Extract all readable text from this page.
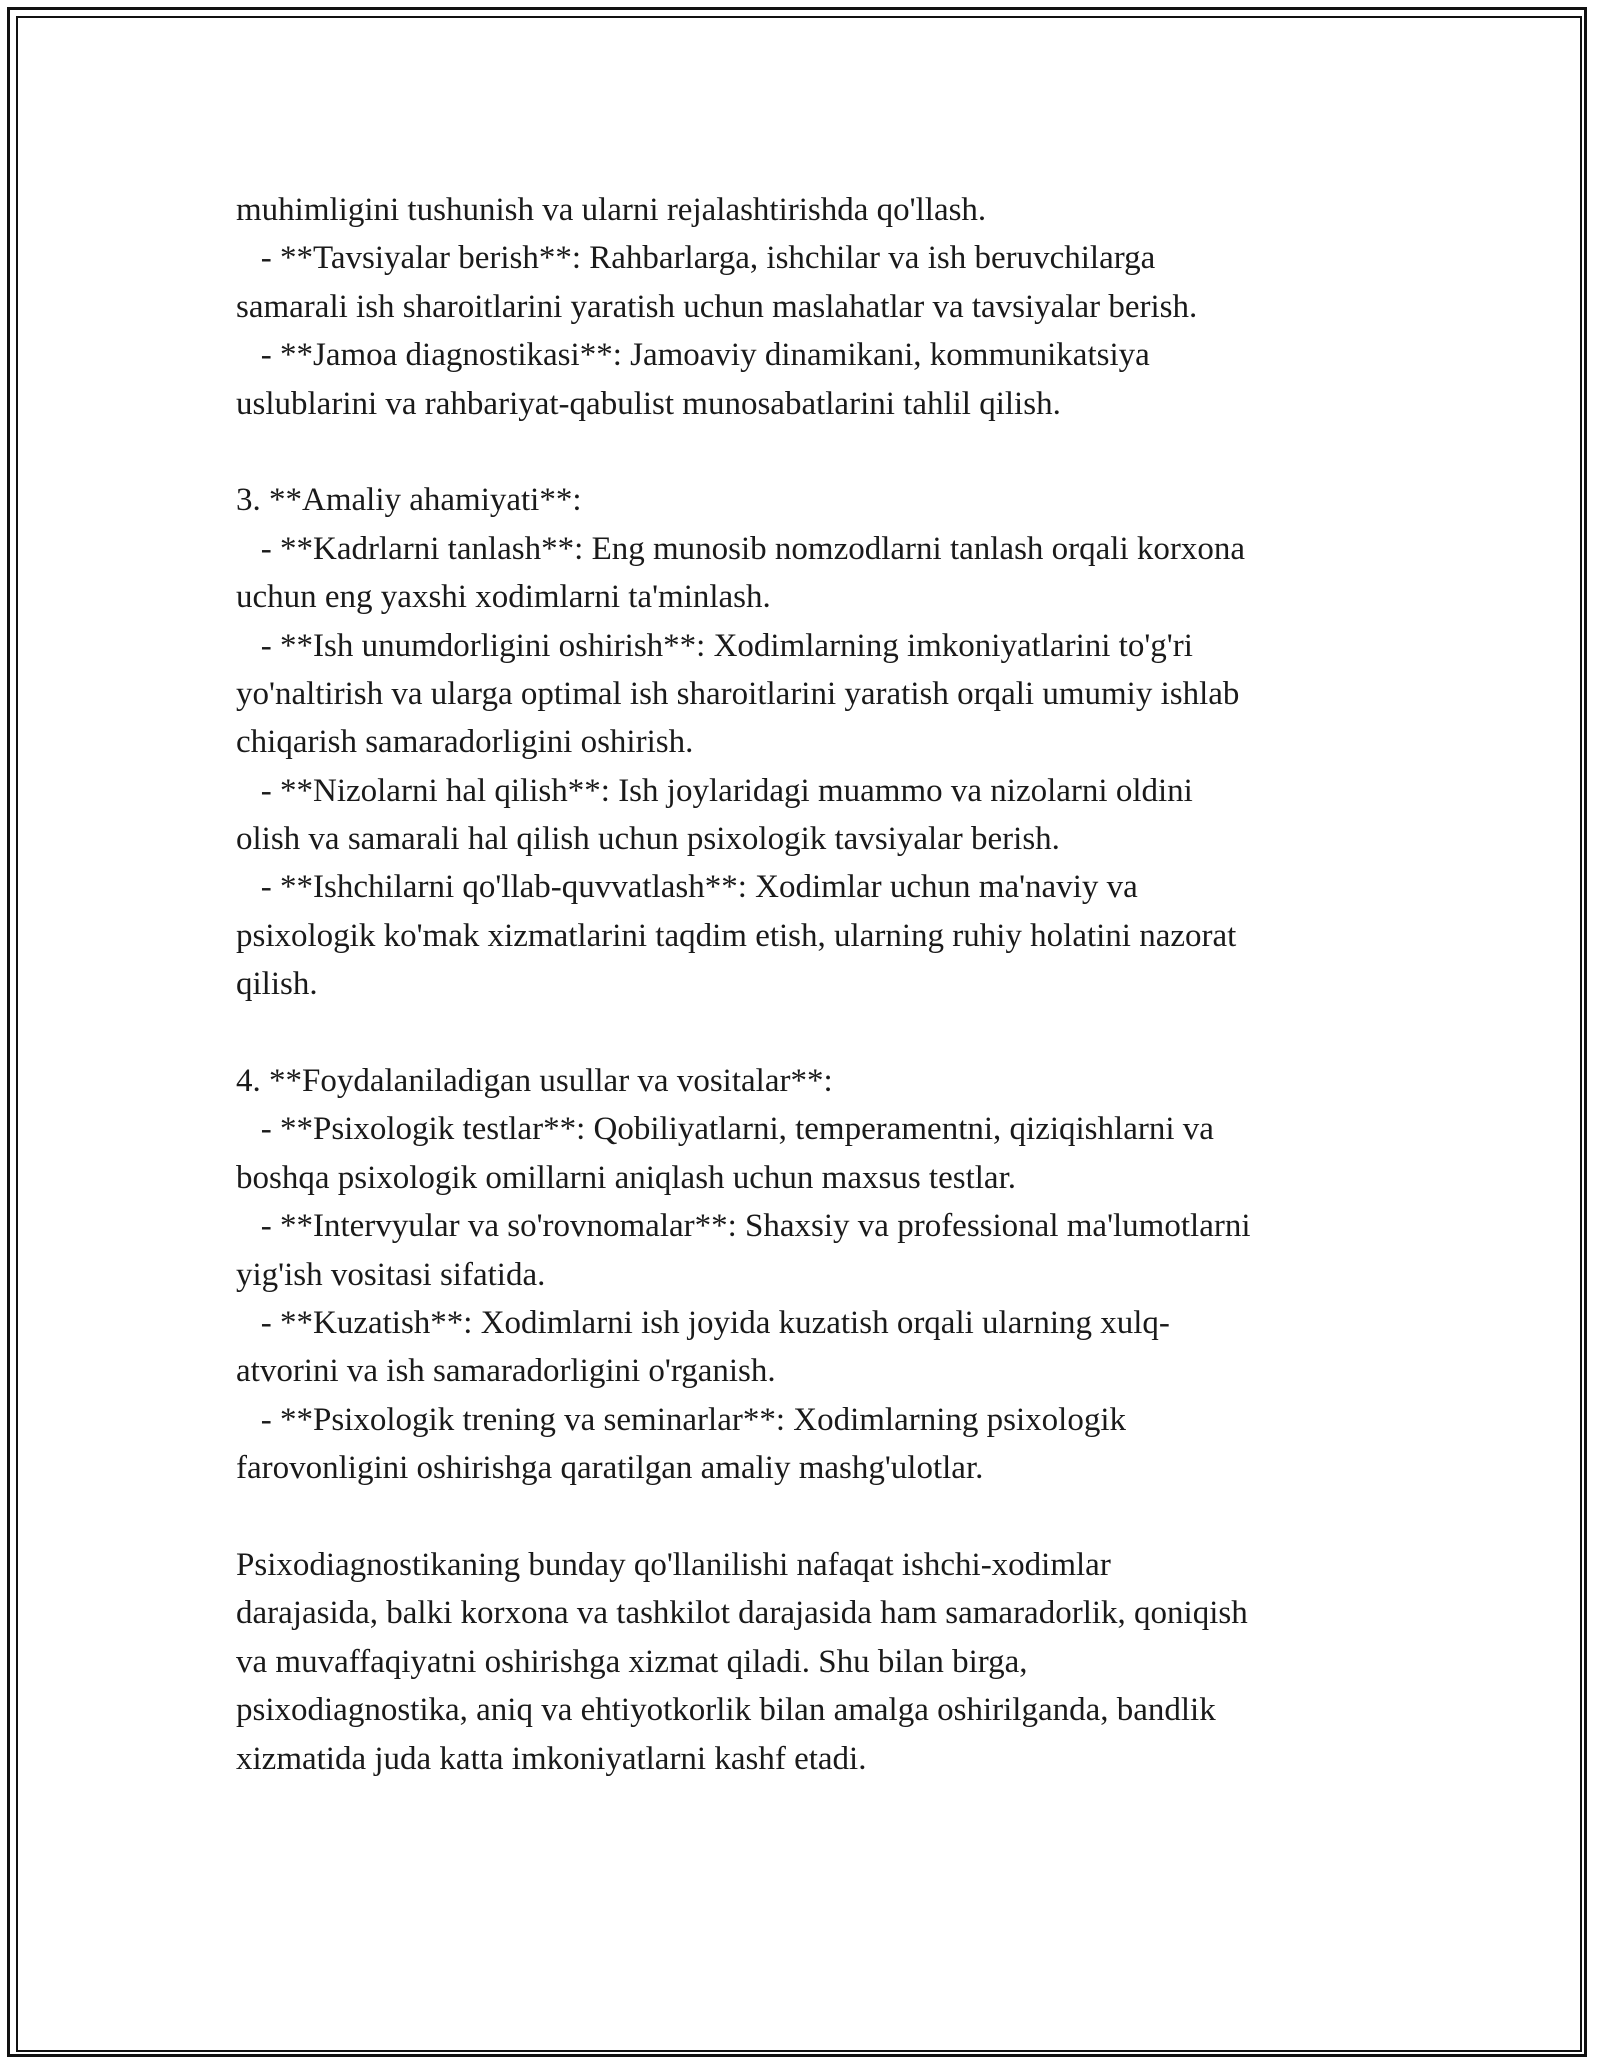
muhimligini tushunish va ularni rejalashtirishda qo'llash.
- **Tavsiyalar berish**: Rahbarlarga, ishchilar va ish beruvchilarga
samarali ish sharoitlarini yaratish uchun maslahatlar va tavsiyalar berish.
- **Jamoa diagnostikasi**: Jamoaviy dinamikani, kommunikatsiya
uslublarini va rahbariyat-qabulist munosabatlarini tahlil qilish.
3. **Amaliy ahamiyati**:
- **Kadrlarni tanlash**: Eng munosib nomzodlarni tanlash orqali korxona
uchun eng yaxshi xodimlarni ta'minlash.
- **Ish unumdorligini oshirish**: Xodimlarning imkoniyatlarini to'g'ri
yo'naltirish va ularga optimal ish sharoitlarini yaratish orqali umumiy ishlab
chiqarish samaradorligini oshirish.
- **Nizolarni hal qilish**: Ish joylaridagi muammo va nizolarni oldini
olish va samarali hal qilish uchun psixologik tavsiyalar berish.
- **Ishchilarni qo'llab-quvvatlash**: Xodimlar uchun ma'naviy va
psixologik ko'mak xizmatlarini taqdim etish, ularning ruhiy holatini nazorat
qilish.
4. **Foydalaniladigan usullar va vositalar**:
- **Psixologik testlar**: Qobiliyatlarni, temperamentni, qiziqishlarni va
boshqa psixologik omillarni aniqlash uchun maxsus testlar.
- **Intervyular va so'rovnomalar**: Shaxsiy va professional ma'lumotlarni
yig'ish vositasi sifatida.
- **Kuzatish**: Xodimlarni ish joyida kuzatish orqali ularning xulq-
atvorini va ish samaradorligini o'rganish.
- **Psixologik trening va seminarlar**: Xodimlarning psixologik
farovonligini oshirishga qaratilgan amaliy mashg'ulotlar.
Psixodiagnostikaning bunday qo'llanilishi nafaqat ishchi-xodimlar
darajasida, balki korxona va tashkilot darajasida ham samaradorlik, qoniqish
va muvaffaqiyatni oshirishga xizmat qiladi. Shu bilan birga,
psixodiagnostika, aniq va ehtiyotkorlik bilan amalga oshirilganda, bandlik
xizmatida juda katta imkoniyatlarni kashf etadi.
